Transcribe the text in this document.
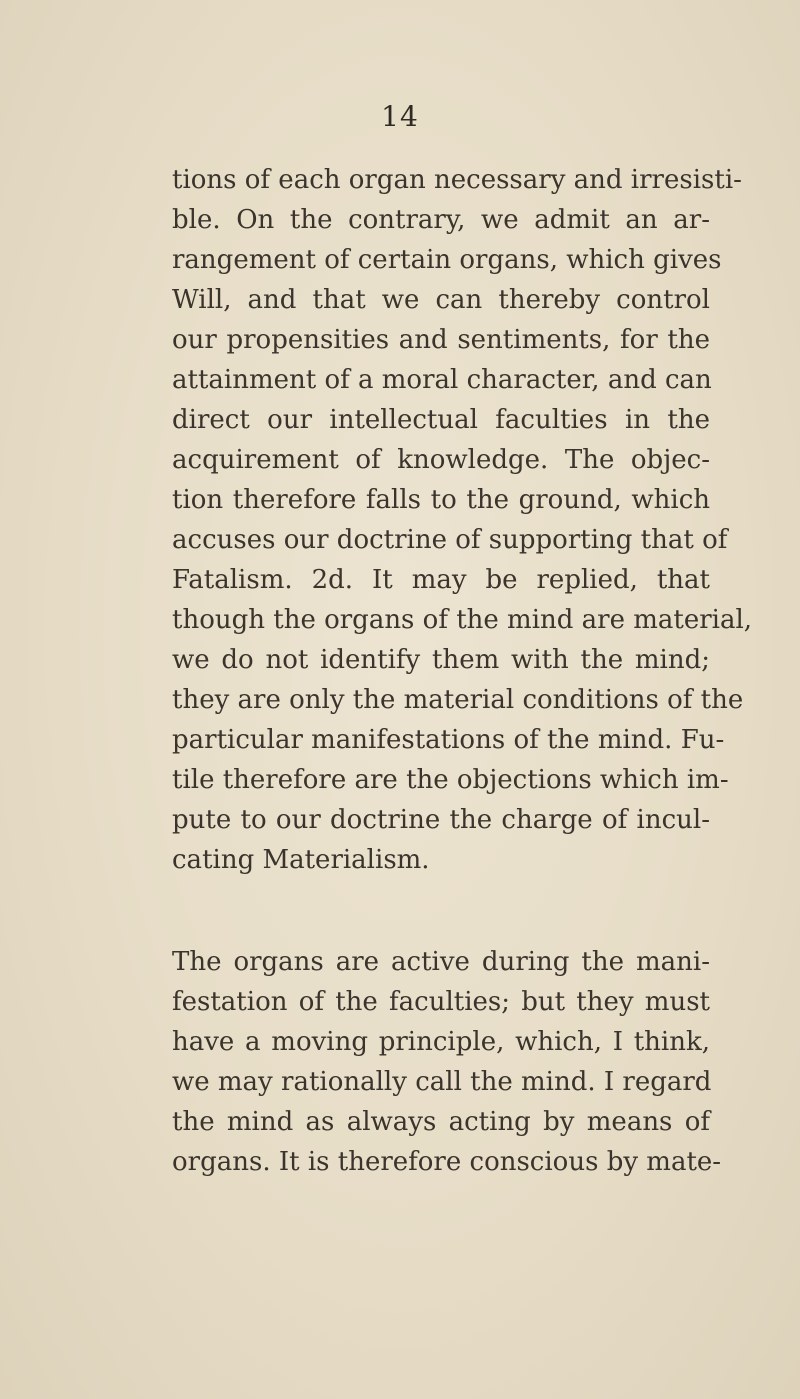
14
tions of each organ necessary and irresisti-
ble. On the contrary, we admit an ar-
rangement of certain organs, which gives
Will, and that we can thereby control
our propensities and sentiments, for the
attainment of a moral character, and can
direct our intellectual faculties in the
acquirement of knowledge. The objec-
tion therefore falls to the ground, which
accuses our doctrine of supporting that of
Fatalism. 2d. It may be replied, that
though the organs of the mind are material,
we do not identify them with the mind;
they are only the material conditions of the
particular manifestations of the mind. Fu-
tile therefore are the objections which im-
pute to our doctrine the charge of incul-
cating Materialism.
The organs are active during the mani-
festation of the faculties; but they must
have a moving principle, which, I think,
we may rationally call the mind. I regard
the mind as always acting by means of
organs. It is therefore conscious by mate-
